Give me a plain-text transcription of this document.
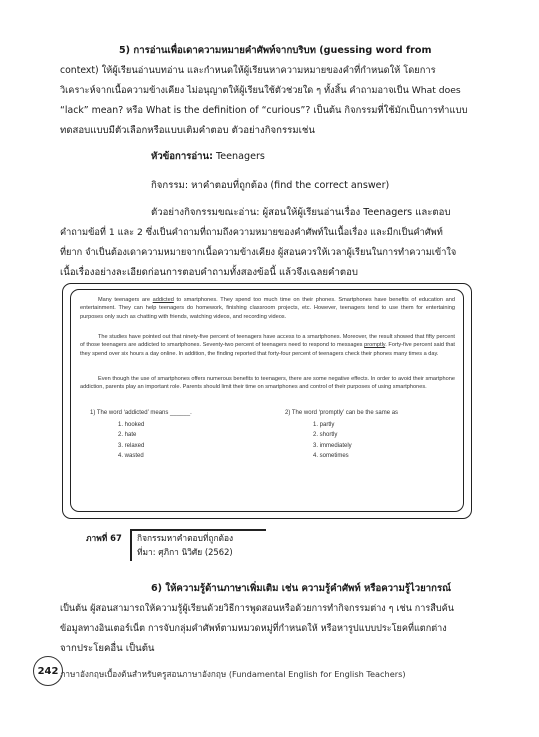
5) การอ่านเพื่อเดาความหมายคำศัพท์จากบริบท (guessing word from
context) ให้ผู้เรียนอ่านบทอ่าน และกำหนดให้ผู้เรียนหาความหมายของคำที่กำหนดให้ โดยการ
วิเคราะห์จากเนื้อความข้างเคียง ไม่อนุญาตให้ผู้เรียนใช้ตัวช่วยใด ๆ ทั้งสิ้น คำถามอาจเป็น What does
“lack” mean? หรือ What is the definition of “curious”? เป็นต้น กิจกรรมที่ใช้มักเป็นการทำแบบ
ทดสอบแบบมีตัวเลือกหรือแบบเติมคำตอบ ตัวอย่างกิจกรรมเช่น
หัวข้อการอ่าน: Teenagers
กิจกรรม: หาคำตอบที่ถูกต้อง (find the correct answer)
ตัวอย่างกิจกรรมขณะอ่าน: ผู้สอนให้ผู้เรียนอ่านเรื่อง Teenagers และตอบ
คำถามข้อที่ 1 และ 2 ซึ่งเป็นคำถามที่ถามถึงความหมายของคำศัพท์ในเนื้อเรื่อง และมีกเป็นคำศัพท์
ที่ยาก จำเป็นต้องเดาความหมายจากเนื้อความข้างเคียง ผู้สอนควรให้เวลาผู้เรียนในการทำความเข้าใจ
เนื้อเรื่องอย่างละเอียดก่อนการตอบคำถามทั้งสองข้อนี้ แล้วจึงเฉลยคำตอบ
Many teenagers are addicted to smartphones. They spend too much time on their phones. Smartphones have benefits of education and entertainment. They can help teenagers do homework, finishing classroom projects, etc. However, teenagers tend to use them for entertaining purposes only such as chatting with friends, watching videos, and recording videos.
The studies have pointed out that ninety-five percent of teenagers have access to a smartphones. Moreover, the result showed that fifty percent of those teenagers are addicted to smartphones. Seventy-two percent of teenagers need to respond to messages promptly. Forty-five percent said that they spend over six hours a day online. In addition, the finding reported that forty-four percent of teenagers check their phones many times a day.
Even though the use of smartphones offers numerous benefits to teenagers, there are some negative effects. In order to avoid their smartphone addiction, parents play an important role. Parents should limit their time on smartphones and control of their purposes of using smartphones.
1) The word ‘addicted’ means ______.
1. hooked
2. hate
3. relaxed
4. wasted
2) The word ‘promptly’ can be the same as
1. partly
2. shortly
3. immediately
4. sometimes
ภาพที่ 67 กิจกรรมหาคำตอบที่ถูกต้อง
ที่มา: ศุภิกา นิวิศัย (2562)
6) ให้ความรู้ด้านภาษาเพิ่มเติม เช่น ความรู้คำศัพท์ หรือความรู้ไวยากรณ์
เป็นต้น ผู้สอนสามารถให้ความรู้ผู้เรียนด้วยวิธีการพูดสอนหรือด้วยการทำกิจกรรมต่าง ๆ เช่น การสืบค้น
ข้อมูลทางอินเตอร์เน็ต การจับกลุ่มคำศัพท์ตามหมวดหมู่ที่กำหนดให้ หรือหารูปแบบประโยคที่แตกต่าง
จากประโยคอื่น เป็นต้น
242 ภาษาอังกฤษเบื้องต้นสำหรับครูสอนภาษาอังกฤษ (Fundamental English for English Teachers)
